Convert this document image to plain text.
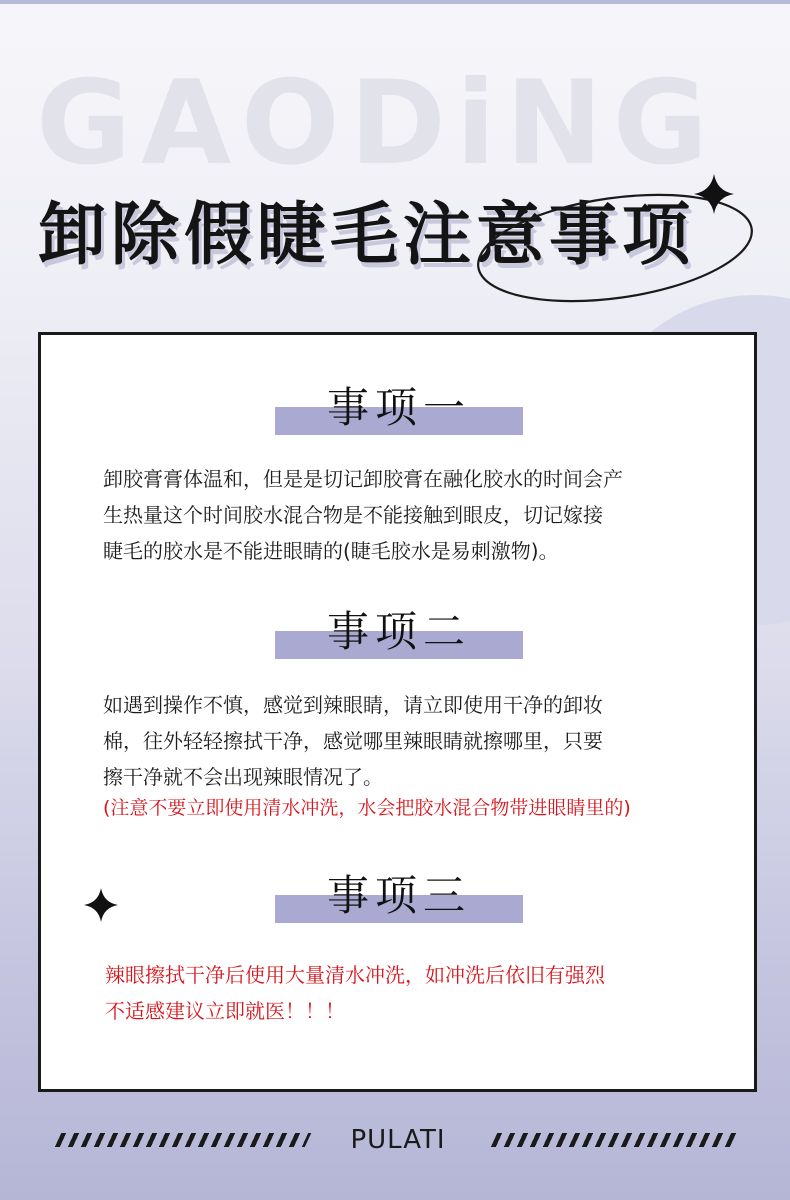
GAODiNG
卸除假睫毛注意事项
事项一
卸胶膏膏体温和，但是是切记卸胶膏在融化胶水的时间会产
生热量这个时间胶水混合物是不能接触到眼皮，切记嫁接
睫毛的胶水是不能进眼睛的(睫毛胶水是易刺激物)。
事项二
如遇到操作不慎，感觉到辣眼睛，请立即使用干净的卸妆
棉，往外轻轻擦拭干净，感觉哪里辣眼睛就擦哪里，只要
擦干净就不会出现辣眼情况了。
(注意不要立即使用清水冲洗，水会把胶水混合物带进眼睛里的)
事项三
辣眼擦拭干净后使用大量清水冲洗，如冲洗后依旧有强烈
不适感建议立即就医！！！
PULATI
